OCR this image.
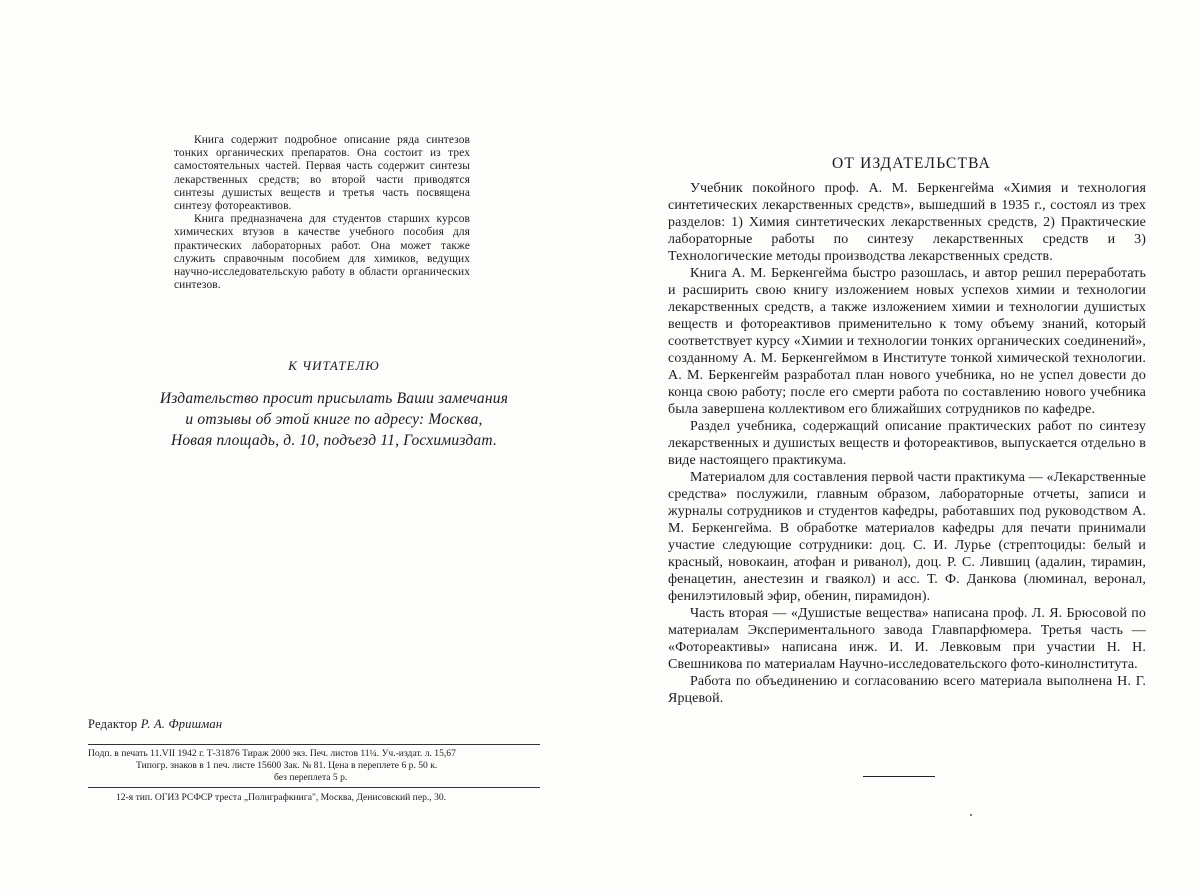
Книга содержит подробное описание ряда синтезов тонких органических препаратов. Она состоит из трех самостоятельных частей. Первая часть содержит синтезы лекарственных средств; во второй части приводятся синтезы душистых веществ и третья часть посвящена синтезу фотореактивов.

Книга предназначена для студентов старших курсов химических втузов в качестве учебного пособия для практических лабораторных работ. Она может также служить справочным пособием для химиков, ведущих научно-исследовательскую работу в области органических синтезов.

К ЧИТАТЕЛЮ

Издательство просит присылать Ваши замечания
и отзывы об этой книге по адресу: Москва,
Новая площадь, д. 10, подъезд 11, Госхимиздат.

Редактор Р. А. Фришман

Подп. в печать 11.VII 1942 г. Т-31876 Тираж 2000 экз. Печ. листов 11¼. Уч.-издат. л. 15,67

Типогр. знаков в 1 печ. листе 15600 Зак. № 81. Цена в переплете 6 р. 50 к.

без переплета 5 р.

12-я тип. ОГИЗ РСФСР треста „Полиграфкнига", Москва, Денисовский пер., 30.

ОТ ИЗДАТЕЛЬСТВА

Учебник покойного проф. А. М. Беркенгейма «Химия и технология синтетических лекарственных средств», вышедший в 1935 г., состоял из трех разделов: 1) Химия синтетических лекарственных средств, 2) Практические лабораторные работы по синтезу лекарственных средств и 3) Технологические методы производства лекарственных средств.

Книга А. М. Беркенгейма быстро разошлась, и автор решил переработать и расширить свою книгу изложением новых успехов химии и технологии лекарственных средств, а также изложением химии и технологии душистых веществ и фотореактивов применительно к тому объему знаний, который соответствует курсу «Химии и технологии тонких органических соединений», созданному А. М. Беркенгеймом в Институте тонкой химической технологии. А. М. Беркенгейм разработал план нового учебника, но не успел довести до конца свою работу; после его смерти работа по составлению нового учебника была завершена коллективом его ближайших сотрудников по кафедре.

Раздел учебника, содержащий описание практических работ по синтезу лекарственных и душистых веществ и фотореактивов, выпускается отдельно в виде настоящего практикума.

Материалом для составления первой части практикума — «Лекарственные средства» послужили, главным образом, лабораторные отчеты, записи и журналы сотрудников и студентов кафедры, работавших под руководством А. М. Беркенгейма. В обработке материалов кафедры для печати принимали участие следующие сотрудники: доц. С. И. Лурье (стрептоциды: белый и красный, новокаин, атофан и риванол), доц. Р. С. Лившиц (адалин, тирамин, фенацетин, анестезин и гваякол) и асс. Т. Ф. Данкова (люминал, веронал, фенилэтиловый эфир, обенин, пирамидон).

Часть вторая — «Душистые вещества» написана проф. Л. Я. Брюсовой по материалам Экспериментального завода Главпарфюмера. Третья часть — «Фотореактивы» написана инж. И. И. Левковым при участии Н. Н. Свешникова по материалам Научно-исследовательского фото-кинолнститута.

Работа по объединению и согласованию всего материала выполнена Н. Г. Ярцевой.
